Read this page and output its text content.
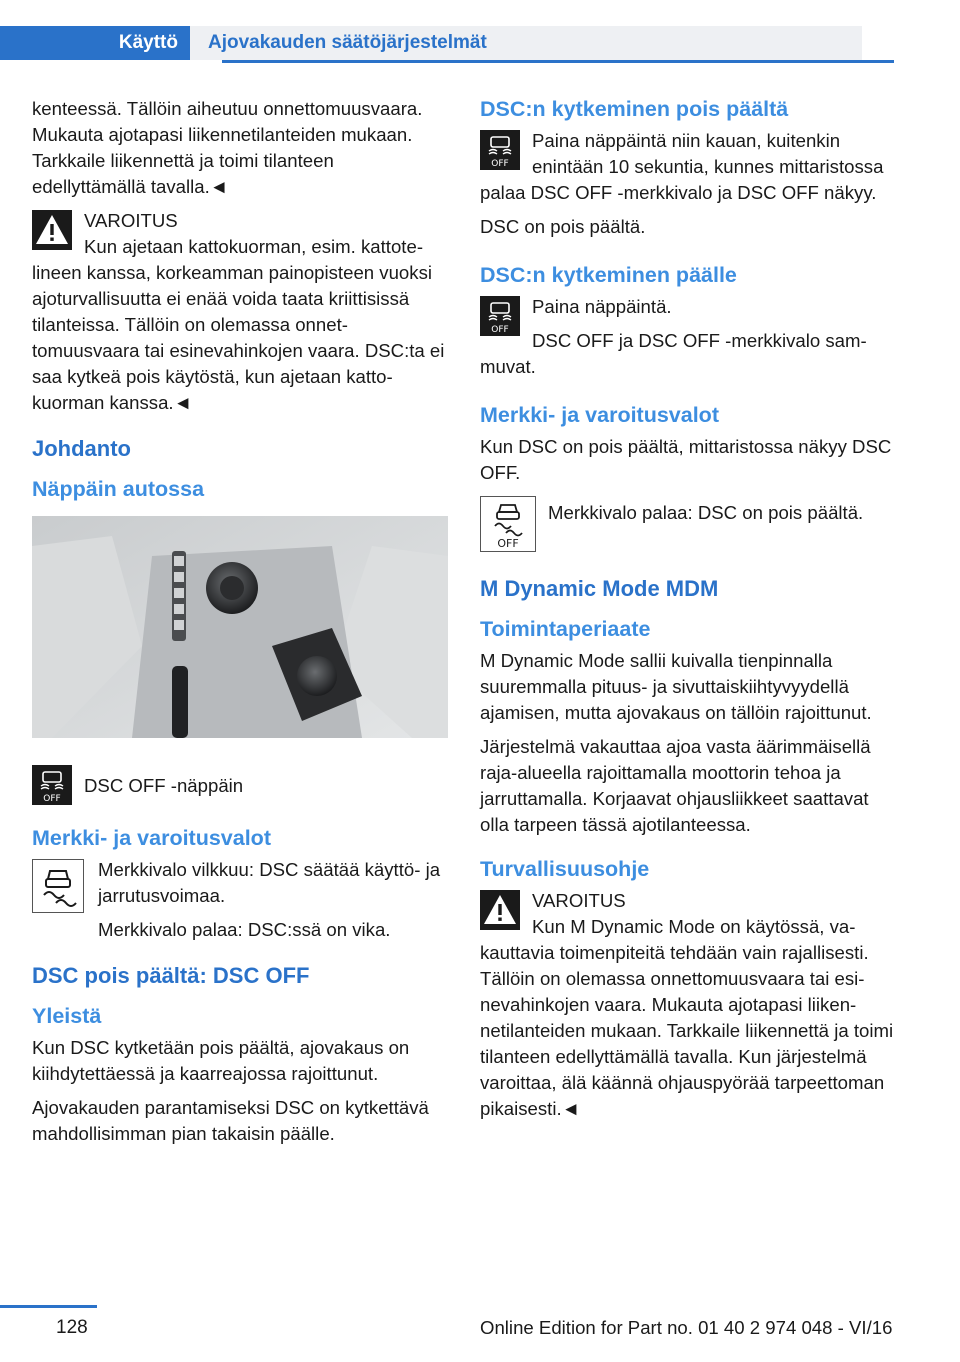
Käyttö	Ajovakauden säätöjärjestelmät

kenteessä. Tällöin aiheutuu onnettomuusvaara. Mukauta ajotapasi liikennetilanteiden mukaan. Tarkkaile liikennettä ja toimi tilanteen edellyttämällä tavalla.◄

VAROITUS
Kun ajetaan kattokuorman, esim. kattotelineen kanssa, korkeamman painopisteen vuoksi ajoturvallisuutta ei enää voida taata kriittisissä tilanteissa. Tällöin on olemassa onnettomuusvaara tai esinevahinkojen vaara. DSC:ta ei saa kytkeä pois käytöstä, kun ajetaan kattokuorman kanssa.◄
Johdanto
Näppäin autossa
OFF
DSC OFF ‑näppäin
Merkki- ja varoitusvalot
Merkkivalo vilkkuu: DSC säätää käyttö- ja jarrutusvoimaa.
Merkkivalo palaa: DSC:ssä on vika.
DSC pois päältä: DSC OFF
Yleistä

Kun DSC kytketään pois päältä, ajovakaus on kiihdytettäessä ja kaarreajossa rajoittunut.

Ajovakauden parantamiseksi DSC on kytkettävä mahdollisimman pian takaisin päälle.

DSC:n kytkeminen pois päältä
OFF
Paina näppäintä niin kauan, kuitenkin enintään 10 sekuntia, kunnes mittaristossa palaa DSC OFF ‑merkkivalo ja DSC OFF näkyy.

DSC on pois päältä.

DSC:n kytkeminen päälle
OFF
Paina näppäintä.
DSC OFF ja DSC OFF ‑merkkivalo sammuvat.
Merkki- ja varoitusvalot

Kun DSC on pois päältä, mittaristossa näkyy DSC OFF.

OFF
Merkkivalo palaa: DSC on pois päältä.
M Dynamic Mode MDM
Toimintaperiaate

M Dynamic Mode sallii kuivalla tienpinnalla suuremmalla pituus- ja sivuttaiskiihtyvyydellä ajamisen, mutta ajovakaus on tällöin rajoittunut.

Järjestelmä vakauttaa ajoa vasta äärimmäisellä raja‑alueella rajoittamalla moottorin tehoa ja jarruttamalla. Korjaavat ohjausliikkeet saattavat olla tarpeen tässä ajotilanteessa.

Turvallisuusohje
VAROITUS
Kun M Dynamic Mode on käytössä, vakauttavia toimenpiteitä tehdään vain rajallisesti. Tällöin on olemassa onnettomuusvaara tai esinevahinkojen vaara. Mukauta ajotapasi liikennetilanteiden mukaan. Tarkkaile liikennettä ja toimi tilanteen edellyttämällä tavalla. Kun järjestelmä varoittaa, älä käännä ohjauspyörää tarpeettoman pikaisesti.◄
128	Online Edition for Part no. 01 40 2 974 048 - VI/16
